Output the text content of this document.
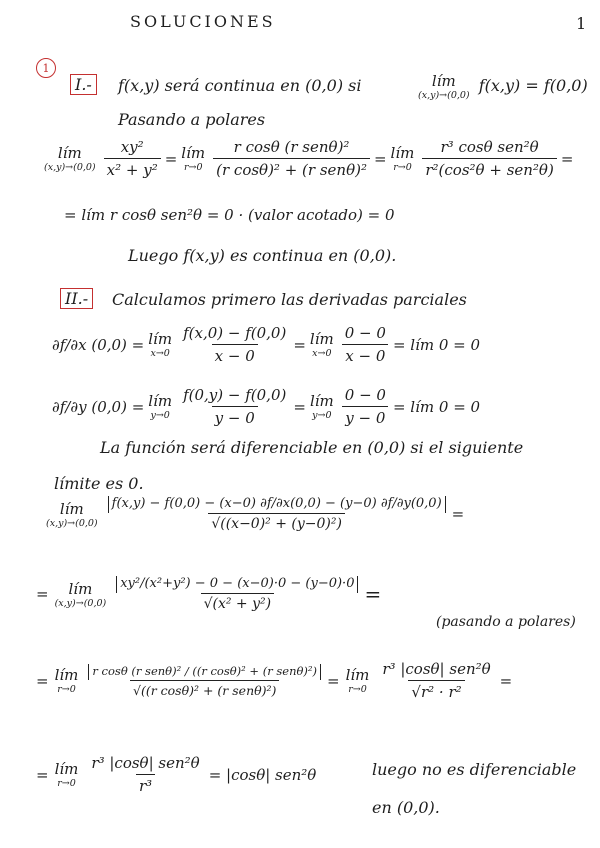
SOLUCIONES	1
1
I.-	f(x,y) será continua en (0,0) si	lím
(x,y)→(0,0)
f(x,y) = f(0,0)
Pasando a polares
lím
$(x,y)\to(0,0) \frac{\text{xy²}}{\text{x² + y²}}$ = lím
$r\to 0 \frac{\text{r cosθ (r senθ)²}}{\text{(r cosθ)² + (r senθ)²}}$ = lím
$r\to 0 \frac{\text{r³ cosθ sen²θ}}{\text{r²(cos²θ + sen²θ)}}$ =
= lím r cosθ sen²θ = 0 · (valor acotado) = 0
Luego f(x,y) es continua en (0,0).
II.-	Calculamos primero las derivadas parciales
∂f/∂x (0,0) = lím
$x\to 0 \frac{f(x,0) - f(0,0)}{x - 0}$ = lím
$x\to 0 \frac{0 - 0}{x - 0}$ = lím 0 = 0
∂f/∂y (0,0) = lím
$y\to 0 \frac{f(0,y) - f(0,0)}{y - 0}$ = lím
$y\to 0 \frac{0 - 0}{y - 0}$ = lím 0 = 0
La función será diferenciable en (0,0) si el siguiente
límite es 0.
lím
$(x,y)\to(0,0) \frac{f(x,y) - f(0,0) - (x-0) \partial f/\partial x(0,0) - (y-0) \partial f/\partial y(0,0)}{\text{√((x−0)² + (y−0)²)}}$ =
= lím
$(x,y)\to(0,0) \frac{\text{xy²/(x²+y²) − 0 − (x−0)·0 − (y−0)·0}}{\text{√(x² + y²)}}$ =
(pasando a polares)
= lím
$r\to 0 \frac{\text{r cosθ (r senθ)² / ((r cosθ)² + (r senθ)²)}}{\text{√((r cosθ)² + (r senθ)²)}}$ = lím
$r\to 0 \frac{\text{r³ |cosθ| sen²θ}}{\text{√r² · r²}}$ =
= lím
$r\to 0 \frac{\text{r³ |cosθ| sen²θ}}{\text{r³}} = |\cos\theta|$ sen²θ	luego no es diferenciable
en (0,0).
